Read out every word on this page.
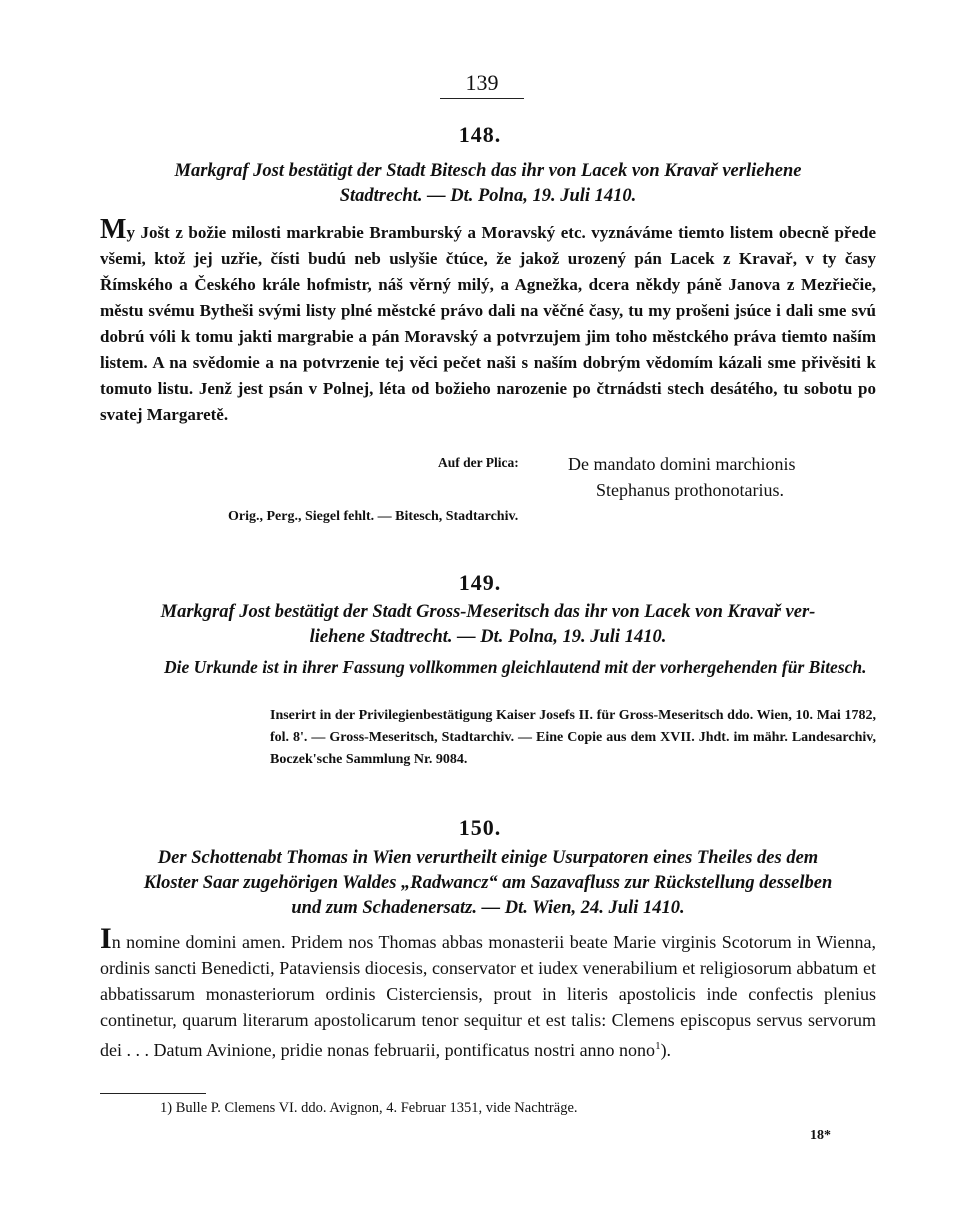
139
148.
Markgraf Jost bestätigt der Stadt Bitesch das ihr von Lacek von Kravař verliehene
Stadtrecht. — Dt. Polna, 19. Juli 1410.

My Jošt z božie milosti markrabie Bramburský a Moravský etc. vyznáváme tiemto listem obecně přede všemi, ktož jej uzřie, čísti budú neb uslyšie čtúce, že jakož urozený pán Lacek z Kravař, v ty časy Římského a Českého krále hofmistr, náš věrný milý, a Agnežka, dcera někdy páně Janova z Mezřiečie, městu svému Bytheši svými listy plné městcké právo dali na věčné časy, tu my prošeni jsúce i dali sme svú dobrú vóli k tomu jakti margrabie a pán Moravský a potvrzujem jim toho městckého práva tiemto naším listem. A na svědomie a na potvrzenie tej věci pečet naši s naším dobrým vědomím kázali sme přivěsiti k tomuto listu. Jenž jest psán v Polnej, léta od božieho narozenie po čtrnádsti stech desátého, tu sobotu po svatej Margaretě.

Auf der Plica:	De mandato domini marchionis
Stephanus prothonotarius.
Orig., Perg., Siegel fehlt. — Bitesch, Stadtarchiv.
149.
Markgraf Jost bestätigt der Stadt Gross-Meseritsch das ihr von Lacek von Kravař ver-
liehene Stadtrecht. — Dt. Polna, 19. Juli 1410.

Die Urkunde ist in ihrer Fassung vollkommen gleichlautend mit der vorhergehenden für Bitesch.

Inserirt in der Privilegienbestätigung Kaiser Josefs II. für Gross-Meseritsch ddo. Wien, 10. Mai 1782, fol. 8'. — Gross-Meseritsch, Stadtarchiv. — Eine Copie aus dem XVII. Jhdt. im mähr. Landesarchiv, Boczek'sche Sammlung Nr. 9084.
150.
Der Schottenabt Thomas in Wien verurtheilt einige Usurpatoren eines Theiles des dem
Kloster Saar zugehörigen Waldes „Radwancz“ am Sazavafluss zur Rückstellung desselben
und zum Schadenersatz. — Dt. Wien, 24. Juli 1410.

In nomine domini amen. Pridem nos Thomas abbas monasterii beate Marie virginis Scotorum in Wienna, ordinis sancti Benedicti, Pataviensis diocesis, conservator et iudex venerabilium et religiosorum abbatum et abbatissarum monasteriorum ordinis Cisterciensis, prout in literis apostolicis inde confectis plenius continetur, quarum literarum apostolicarum tenor sequitur et est talis: Clemens episcopus servus servorum dei . . . Datum Avinione, pridie nonas februarii, pontificatus nostri anno nono$^1$).

1) Bulle P. Clemens VI. ddo. Avignon, 4. Februar 1351, vide Nachträge.
18*
